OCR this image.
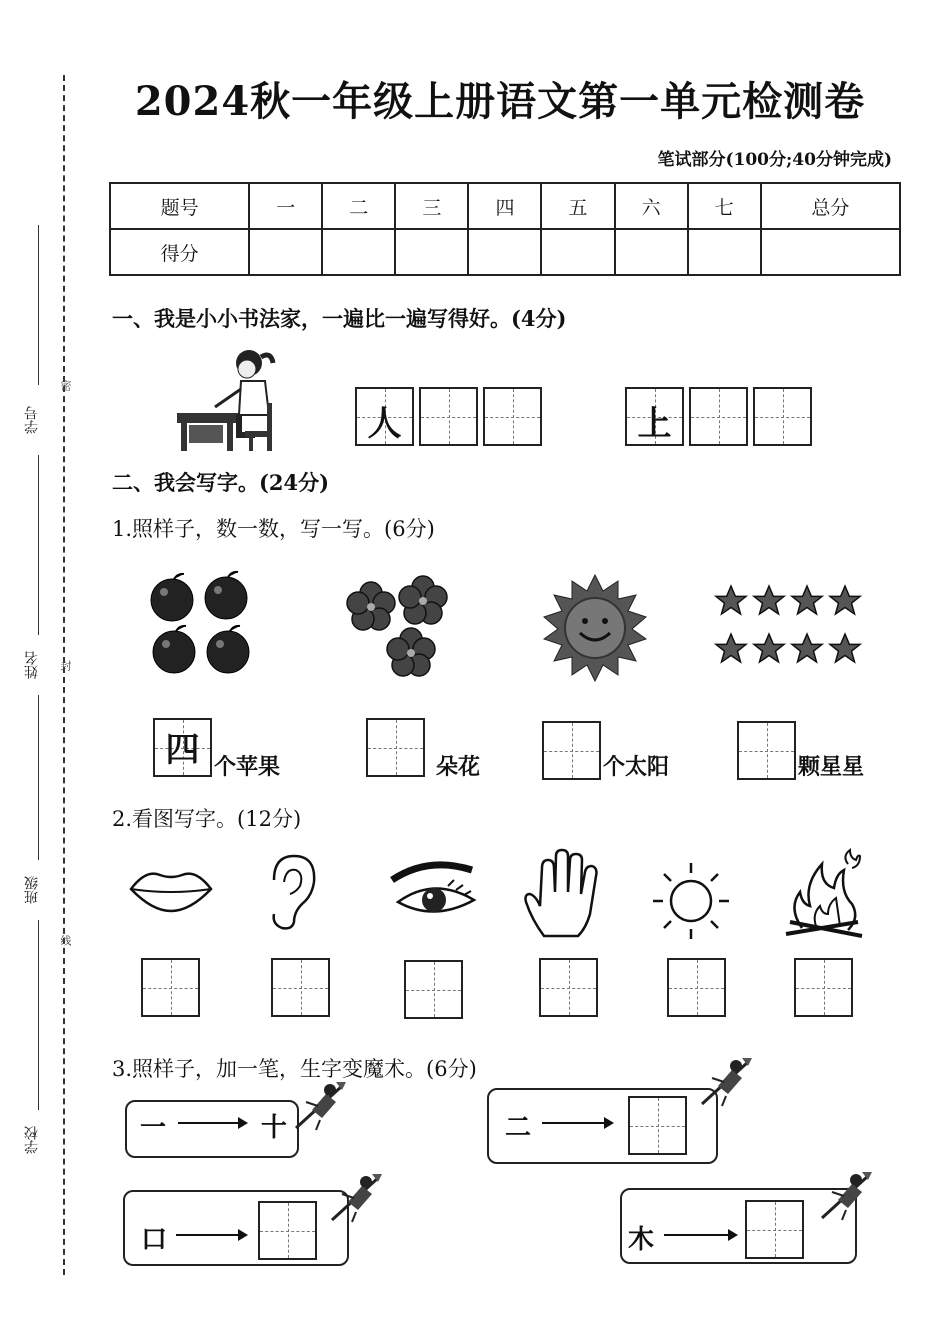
学号
姓名
班级
学校
密
封
线
2024秋一年级上册语文第一单元检测卷
笔试部分(100分;40分钟完成)
题号	一	二	三	四	五	六	七	总分
得分								
一、我是小小书法家，一遍比一遍写得好。(4分)
人	上
二、我会写字。(24分)
1.照样子，数一数，写一写。(6分)
四 个苹果	朵花	个太阳	颗星星
2.看图写字。(12分)
3.照样子，加一笔，生字变魔术。(6分)
一	十	二
口	木
